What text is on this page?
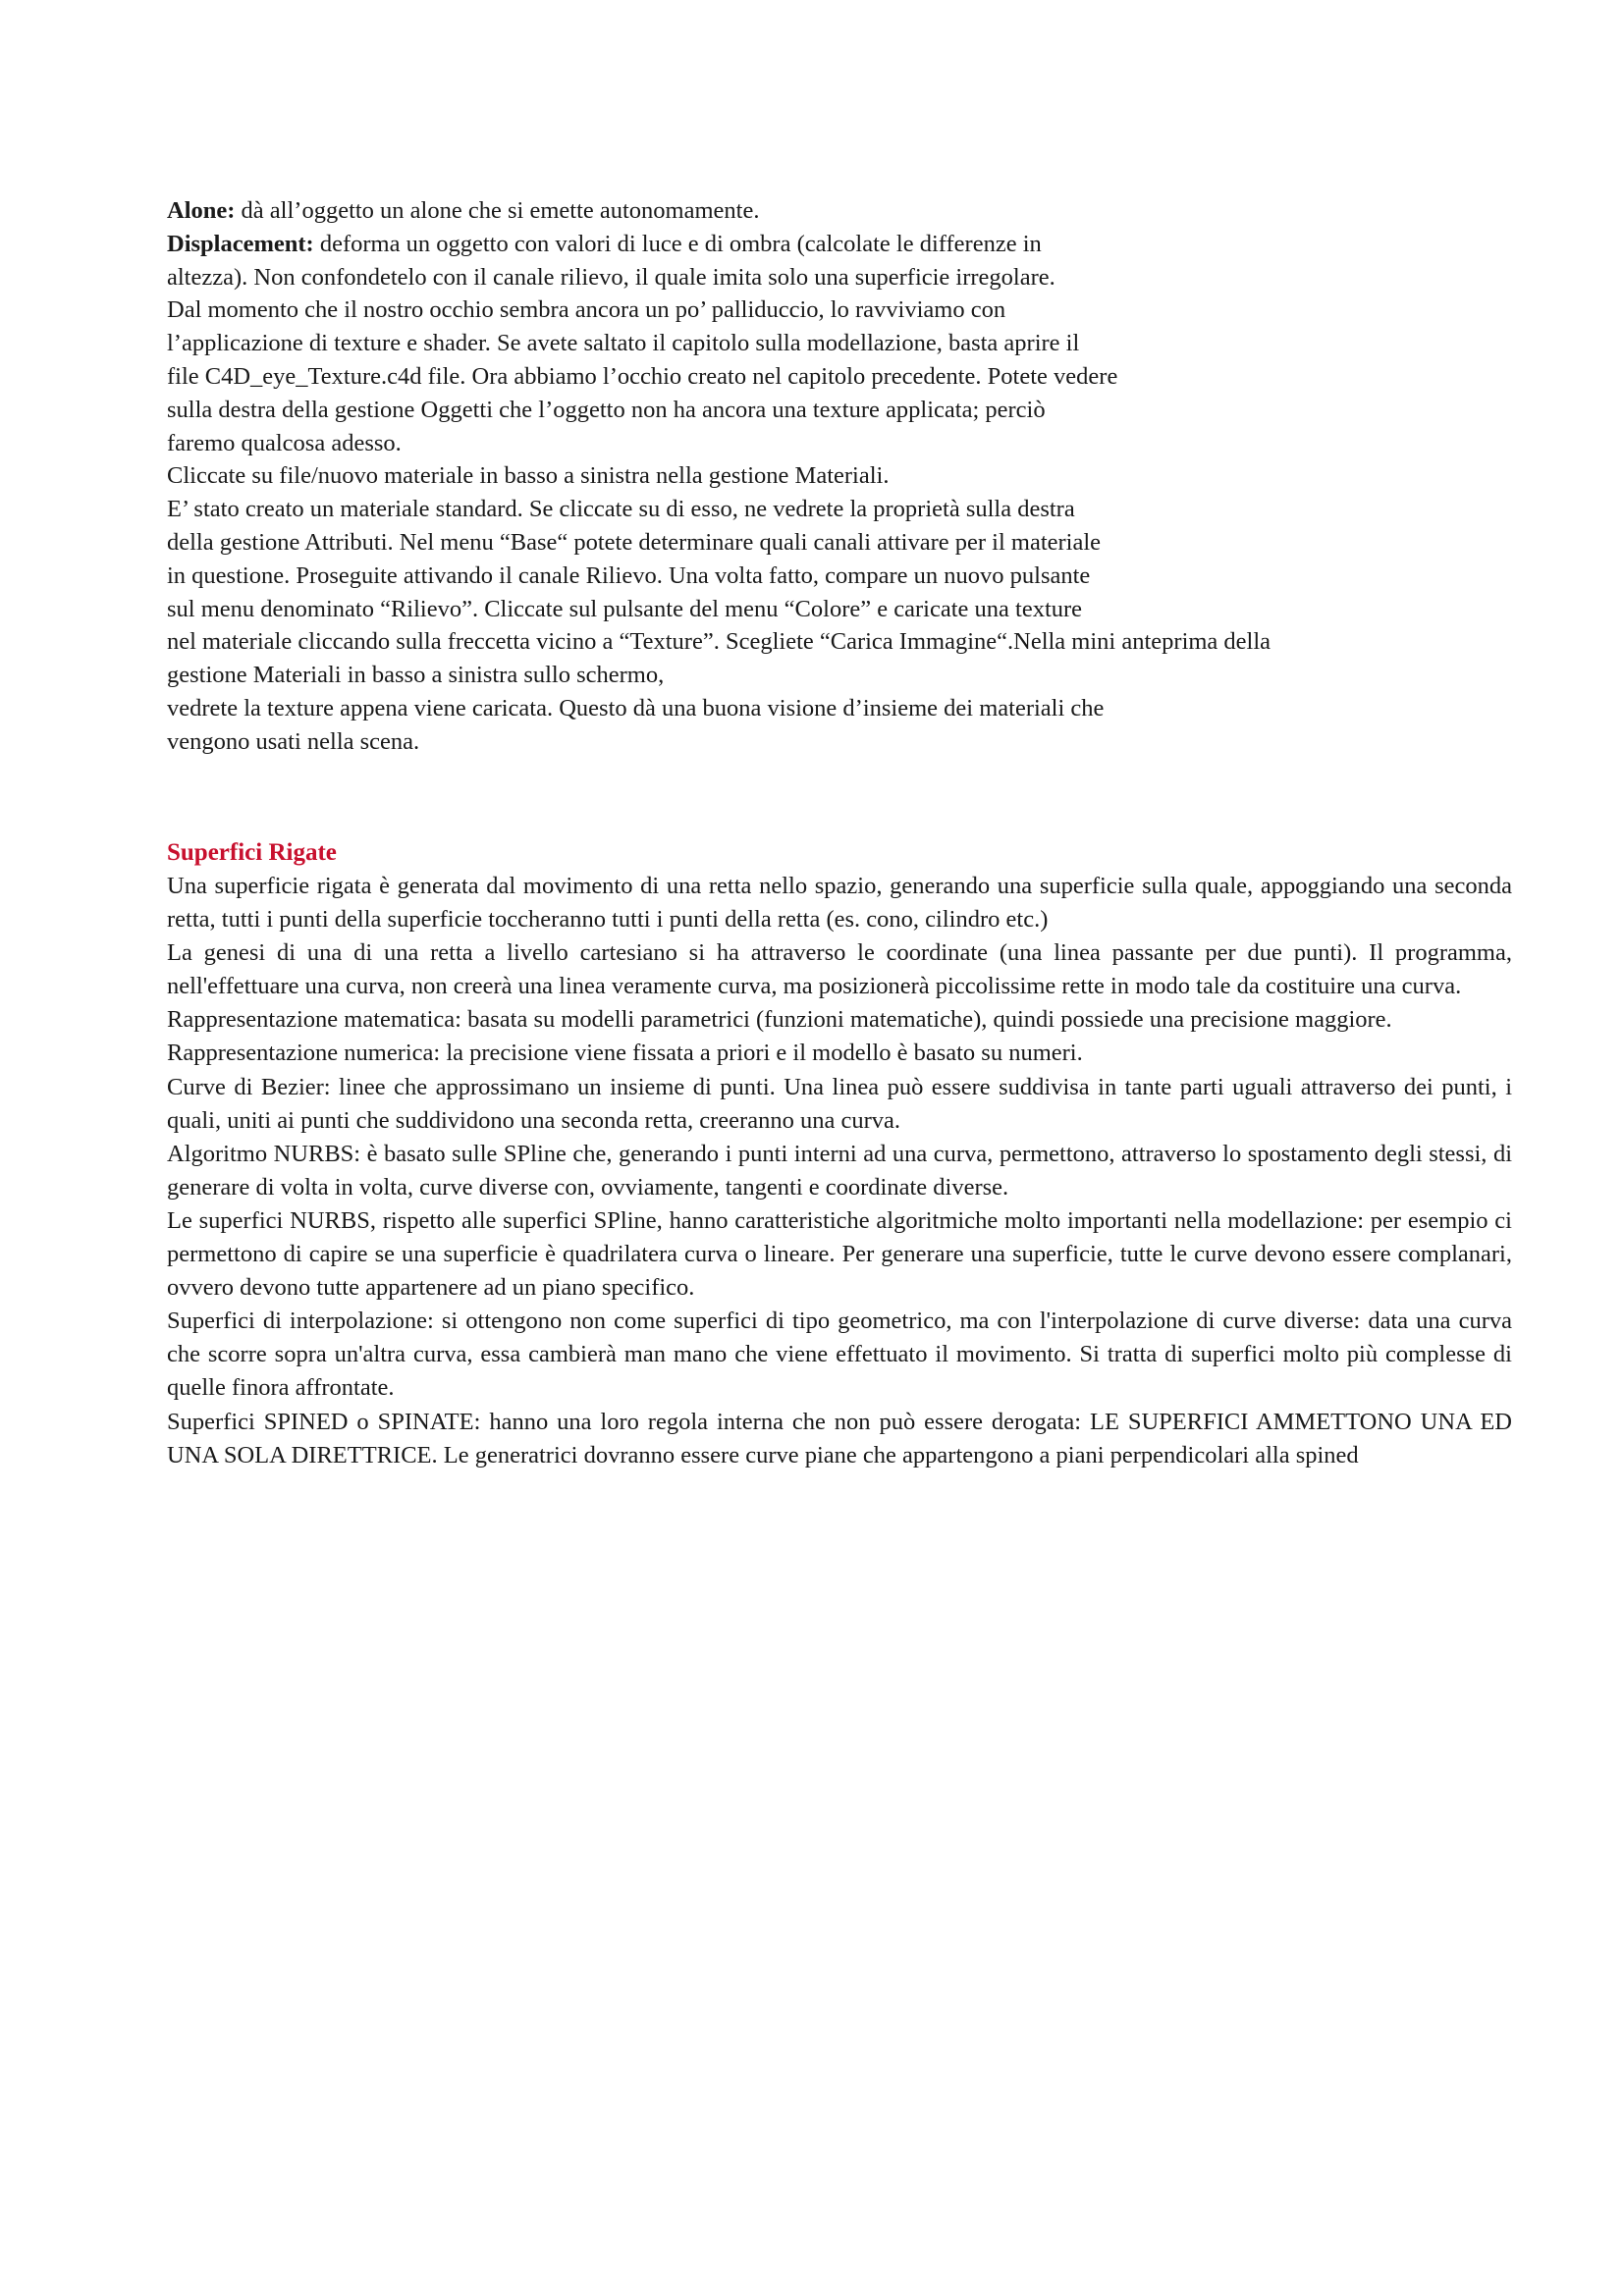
Alone: dà all’oggetto un alone che si emette autonomamente.
Displacement: deforma un oggetto con valori di luce e di ombra (calcolate le differenze in
altezza). Non confondetelo con il canale rilievo, il quale imita solo una superficie irregolare.
Dal momento che il nostro occhio sembra ancora un po’ palliduccio, lo ravviviamo con
l’applicazione di texture e shader. Se avete saltato il capitolo sulla modellazione, basta aprire il
file C4D_eye_Texture.c4d file. Ora abbiamo l’occhio creato nel capitolo precedente. Potete vedere
sulla destra della gestione Oggetti che l’oggetto non ha ancora una texture applicata; perciò
faremo qualcosa adesso.
Cliccate su file/nuovo materiale in basso a sinistra nella gestione Materiali.
E’ stato creato un materiale standard. Se cliccate su di esso, ne vedrete la proprietà sulla destra
della gestione Attributi. Nel menu “Base“ potete determinare quali canali attivare per il materiale
in questione. Proseguite attivando il canale Rilievo. Una volta fatto, compare un nuovo pulsante
sul menu denominato “Rilievo”. Cliccate sul pulsante del menu “Colore” e caricate una texture
nel materiale cliccando sulla freccetta vicino a “Texture”. Scegliete “Carica Immagine“.Nella mini anteprima della
gestione Materiali in basso a sinistra sullo schermo,
vedrete la texture appena viene caricata. Questo dà una buona visione d’insieme dei materiali che
vengono usati nella scena.
Superfici Rigate

Una superficie rigata è generata dal movimento di una retta nello spazio, generando una superficie sulla quale, appoggiando una seconda retta, tutti i punti della superficie toccheranno tutti i punti della retta (es. cono, cilindro etc.)

La genesi di una di una retta a livello cartesiano si ha attraverso le coordinate (una linea passante per due punti). Il programma, nell'effettuare una curva, non creerà una linea veramente curva, ma posizionerà piccolissime rette in modo tale da costituire una curva.

Rappresentazione matematica: basata su modelli parametrici (funzioni matematiche), quindi possiede una precisione maggiore.

Rappresentazione numerica: la precisione viene fissata a priori e il modello è basato su numeri.

Curve di Bezier: linee che approssimano un insieme di punti. Una linea può essere suddivisa in tante parti uguali attraverso dei punti, i quali, uniti ai punti che suddividono una seconda retta, creeranno una curva.

Algoritmo NURBS: è basato sulle SPline che, generando i punti interni ad una curva, permettono, attraverso lo spostamento degli stessi, di generare di volta in volta, curve diverse con, ovviamente, tangenti e coordinate diverse.

Le superfici NURBS, rispetto alle superfici SPline, hanno caratteristiche algoritmiche molto importanti nella modellazione: per esempio ci permettono di capire se una superficie è quadrilatera curva o lineare. Per generare una superficie, tutte le curve devono essere complanari, ovvero devono tutte appartenere ad un piano specifico.

Superfici di interpolazione: si ottengono non come superfici di tipo geometrico, ma con l'interpolazione di curve diverse: data una curva che scorre sopra un'altra curva, essa cambierà man mano che viene effettuato il movimento. Si tratta di superfici molto più complesse di quelle finora affrontate.

Superfici SPINED o SPINATE: hanno una loro regola interna che non può essere derogata: LE SUPERFICI AMMETTONO UNA ED UNA SOLA DIRETTRICE. Le generatrici dovranno essere curve piane che appartengono a piani perpendicolari alla spined
